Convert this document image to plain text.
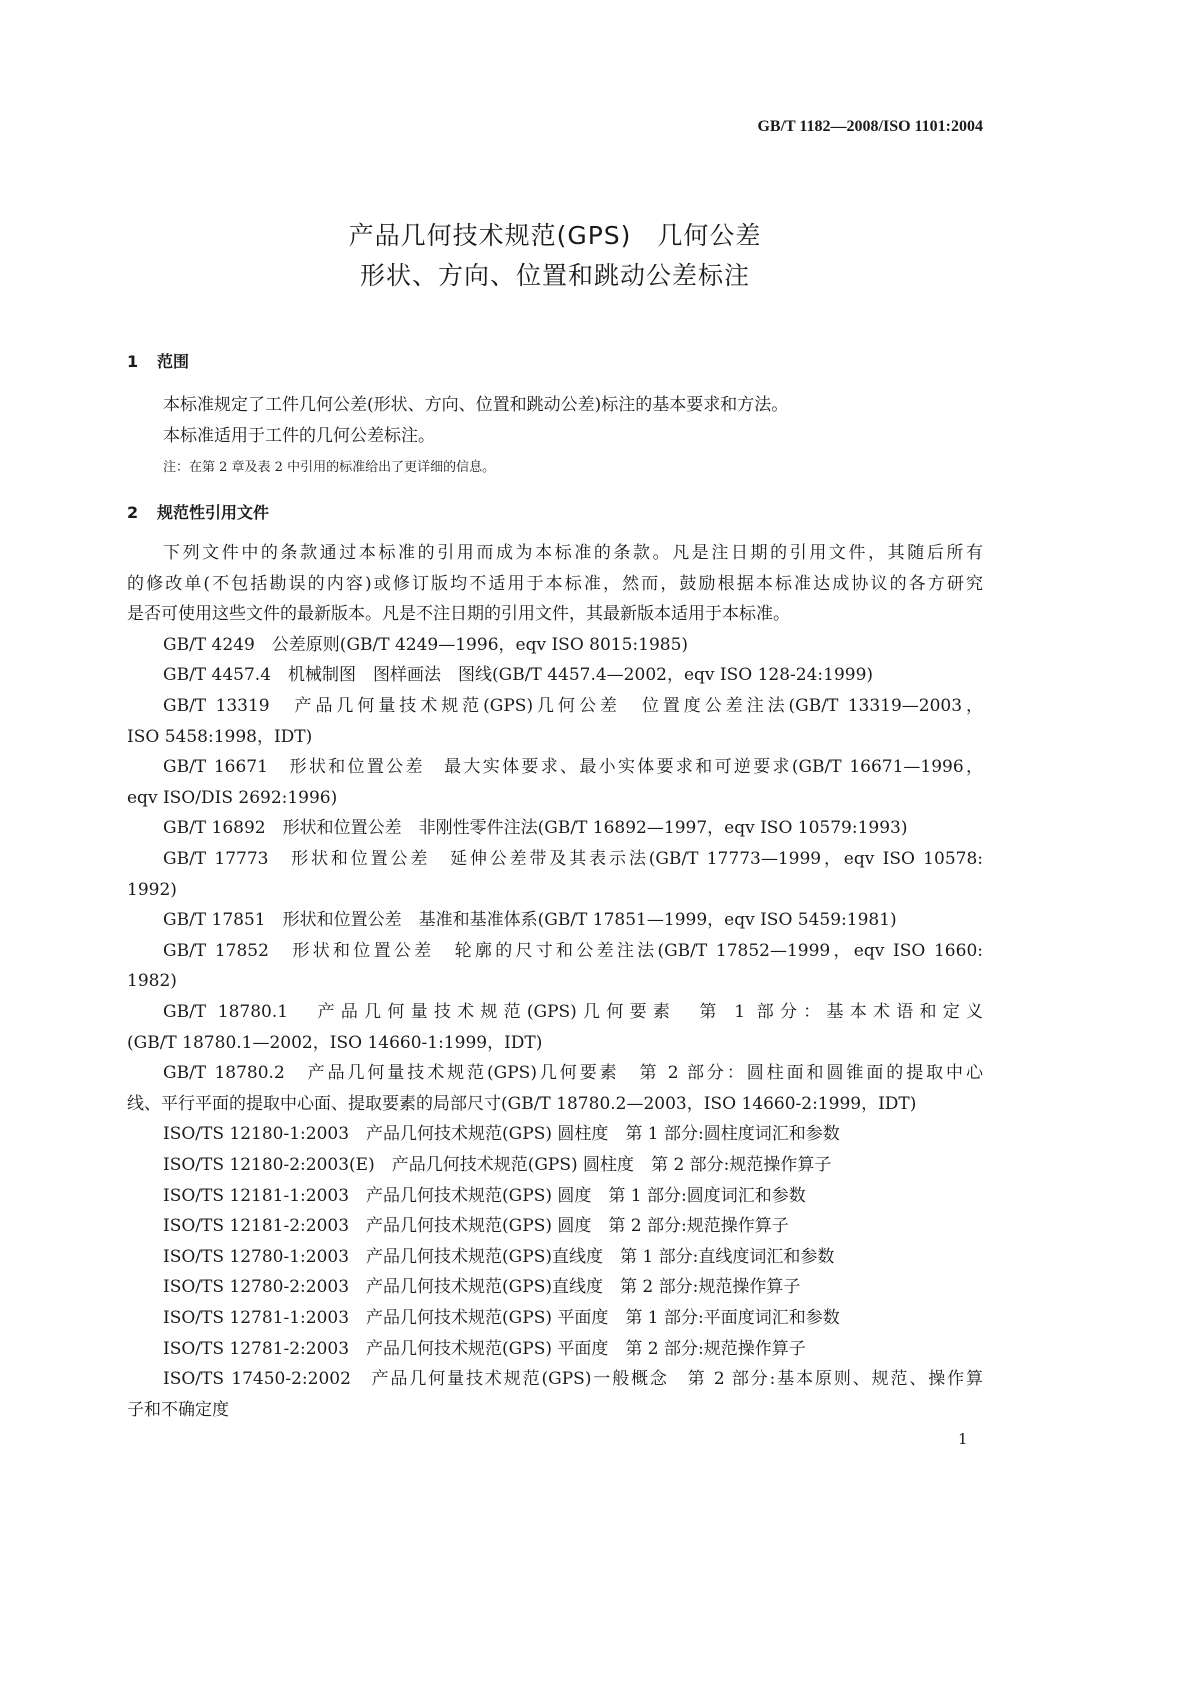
GB/T 1182—2008/ISO 1101:2004
产品几何技术规范(GPS)　几何公差
形状、方向、位置和跳动公差标注
1 范围
本标准规定了工件几何公差(形状、方向、位置和跳动公差)标注的基本要求和方法。
本标准适用于工件的几何公差标注。
注：在第 2 章及表 2 中引用的标准给出了更详细的信息。
2 规范性引用文件
下列文件中的条款通过本标准的引用而成为本标准的条款。凡是注日期的引用文件，其随后所有
的修改单(不包括勘误的内容)或修订版均不适用于本标准，然而，鼓励根据本标准达成协议的各方研究
是否可使用这些文件的最新版本。凡是不注日期的引用文件，其最新版本适用于本标准。
GB/T 4249　公差原则(GB/T 4249—1996，eqv ISO 8015:1985)
GB/T 4457.4　机械制图　图样画法　图线(GB/T 4457.4—2002，eqv ISO 128-24:1999)
GB/T 13319　产品几何量技术规范(GPS)几何公差　位置度公差注法(GB/T 13319—2003，
ISO 5458:1998，IDT)
GB/T 16671　形状和位置公差　最大实体要求、最小实体要求和可逆要求(GB/T 16671—1996，
eqv ISO/DIS 2692:1996)
GB/T 16892　形状和位置公差　非刚性零件注法(GB/T 16892—1997，eqv ISO 10579:1993)
GB/T 17773　形状和位置公差　延伸公差带及其表示法(GB/T 17773—1999，eqv ISO 10578:
1992)
GB/T 17851　形状和位置公差　基准和基准体系(GB/T 17851—1999，eqv ISO 5459:1981)
GB/T 17852　形状和位置公差　轮廓的尺寸和公差注法(GB/T 17852—1999，eqv ISO 1660:
1982)
GB/T 18780.1　产品几何量技术规范(GPS)几何要素　第 1 部分：基本术语和定义
(GB/T 18780.1—2002，ISO 14660-1:1999，IDT)
GB/T 18780.2　产品几何量技术规范(GPS)几何要素　第 2 部分：圆柱面和圆锥面的提取中心
线、平行平面的提取中心面、提取要素的局部尺寸(GB/T 18780.2—2003，ISO 14660-2:1999，IDT)
ISO/TS 12180-1:2003　产品几何技术规范(GPS) 圆柱度　第 1 部分:圆柱度词汇和参数
ISO/TS 12180-2:2003(E)　产品几何技术规范(GPS) 圆柱度　第 2 部分:规范操作算子
ISO/TS 12181-1:2003　产品几何技术规范(GPS) 圆度　第 1 部分:圆度词汇和参数
ISO/TS 12181-2:2003　产品几何技术规范(GPS) 圆度　第 2 部分:规范操作算子
ISO/TS 12780-1:2003　产品几何技术规范(GPS)直线度　第 1 部分:直线度词汇和参数
ISO/TS 12780-2:2003　产品几何技术规范(GPS)直线度　第 2 部分:规范操作算子
ISO/TS 12781-1:2003　产品几何技术规范(GPS) 平面度　第 1 部分:平面度词汇和参数
ISO/TS 12781-2:2003　产品几何技术规范(GPS) 平面度　第 2 部分:规范操作算子
ISO/TS 17450-2:2002　产品几何量技术规范(GPS)一般概念　第 2 部分:基本原则、规范、操作算
子和不确定度
1
